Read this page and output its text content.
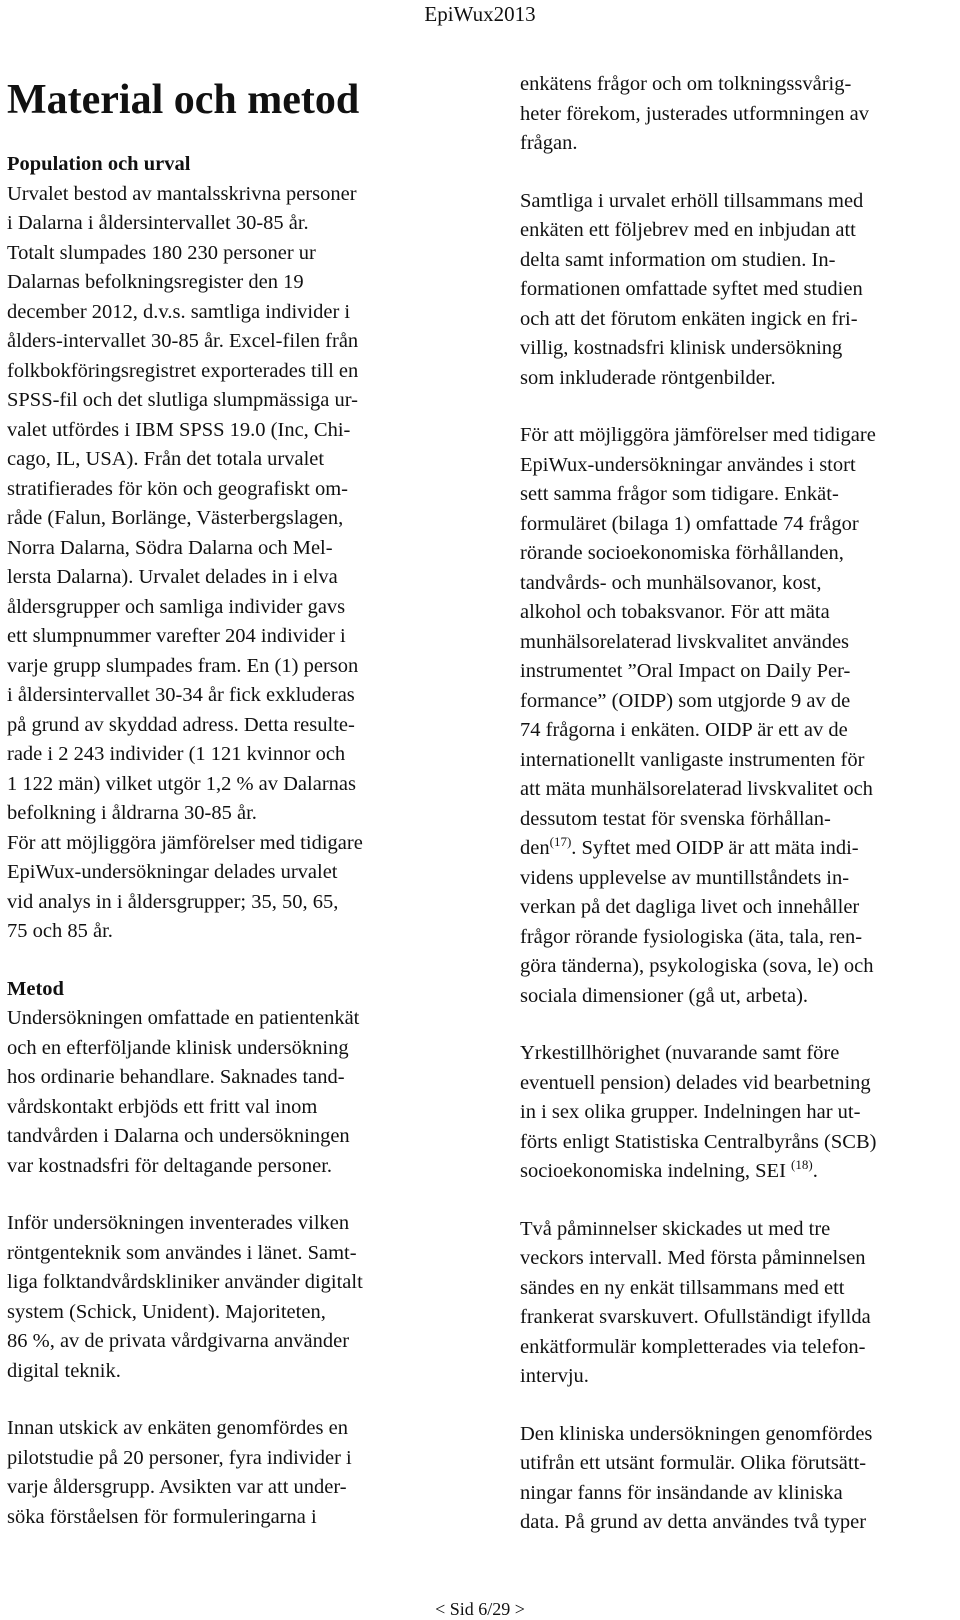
EpiWux2013
Material och metod

Population och urval

Urvalet bestod av mantalsskrivna personer

i Dalarna i åldersintervallet 30-85 år.

Totalt slumpades 180 230 personer ur

Dalarnas befolkningsregister den 19

december 2012, d.v.s. samtliga individer i

ålders-intervallet 30-85 år. Excel-filen från

folkbokföringsregistret exporterades till en

SPSS-fil och det slutliga slumpmässiga ur-

valet utfördes i IBM SPSS 19.0 (Inc, Chi-

cago, IL, USA). Från det totala urvalet

stratifierades för kön och geografiskt om-

råde (Falun, Borlänge, Västerbergslagen,

Norra Dalarna, Södra Dalarna och Mel-

lersta Dalarna). Urvalet delades in i elva

åldersgrupper och samliga individer gavs

ett slumpnummer varefter 204 individer i

varje grupp slumpades fram. En (1) person

i åldersintervallet 30-34 år fick exkluderas

på grund av skyddad adress. Detta resulte-

rade i 2 243 individer (1 121 kvinnor och

1 122 män) vilket utgör 1,2 % av Dalarnas

befolkning i åldrarna 30-85 år.

För att möjliggöra jämförelser med tidigare

EpiWux-undersökningar delades urvalet

vid analys in i åldersgrupper; 35, 50, 65,

75 och 85 år.

Metod

Undersökningen omfattade en patientenkät

och en efterföljande klinisk undersökning

hos ordinarie behandlare. Saknades tand-

vårdskontakt erbjöds ett fritt val inom

tandvården i Dalarna och undersökningen

var kostnadsfri för deltagande personer.

Inför undersökningen inventerades vilken

röntgenteknik som användes i länet. Samt-

liga folktandvårdskliniker använder digitalt

system (Schick, Unident). Majoriteten,

86 %, av de privata vårdgivarna använder

digital teknik.

Innan utskick av enkäten genomfördes en

pilotstudie på 20 personer, fyra individer i

varje åldersgrupp. Avsikten var att under-

söka förståelsen för formuleringarna i

enkätens frågor och om tolkningssvårig-

heter förekom, justerades utformningen av

frågan.

Samtliga i urvalet erhöll tillsammans med

enkäten ett följebrev med en inbjudan att

delta samt information om studien. In-

formationen omfattade syftet med studien

och att det förutom enkäten ingick en fri-

villig, kostnadsfri klinisk undersökning

som inkluderade röntgenbilder.

För att möjliggöra jämförelser med tidigare

EpiWux-undersökningar användes i stort

sett samma frågor som tidigare. Enkät-

formuläret (bilaga 1) omfattade 74 frågor

rörande socioekonomiska förhållanden,

tandvårds- och munhälsovanor, kost,

alkohol och tobaksvanor. För att mäta

munhälsorelaterad livskvalitet användes

instrumentet ”Oral Impact on Daily Per-

formance” (OIDP) som utgjorde 9 av de

74 frågorna i enkäten. OIDP är ett av de

internationellt vanligaste instrumenten för

att mäta munhälsorelaterad livskvalitet och

dessutom testat för svenska förhållan-

den$^{(17)}$. Syftet med OIDP är att mäta indi-

videns upplevelse av muntillståndets in-

verkan på det dagliga livet och innehåller

frågor rörande fysiologiska (äta, tala, ren-

göra tänderna), psykologiska (sova, le) och

sociala dimensioner (gå ut, arbeta).

Yrkestillhörighet (nuvarande samt före

eventuell pension) delades vid bearbetning

in i sex olika grupper. Indelningen har ut-

förts enligt Statistiska Centralbyråns (SCB)

socioekonomiska indelning, SEI $^{(18)}$.

Två påminnelser skickades ut med tre

veckors intervall. Med första påminnelsen

sändes en ny enkät tillsammans med ett

frankerat svarskuvert. Ofullständigt ifyllda

enkätformulär kompletterades via telefon-

intervju.

Den kliniska undersökningen genomfördes

utifrån ett utsänt formulär. Olika förutsätt-

ningar fanns för insändande av kliniska

data. På grund av detta användes två typer

< Sid 6/29 >
